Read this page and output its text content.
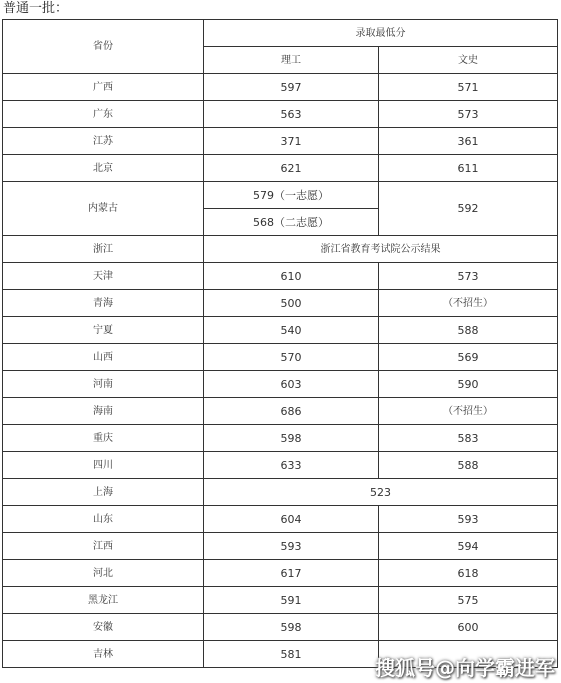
普通一批：
省份	录取最低分	
	理工	文史
广西	597	571
广东	563	573
江苏	371	361
北京	621	611
内蒙古	579（一志愿）	592
	568（二志愿）	
浙江	浙江省教育考试院公示结果	
天津	610	573
青海	500	（不招生）
宁夏	540	588
山西	570	569
河南	603	590
海南	686	（不招生）
重庆	598	583
四川	633	588
上海	523	
山东	604	593
江西	593	594
河北	617	618
黑龙江	591	575
安徽	598	600
吉林	581	
搜狐号@向学霸进军
